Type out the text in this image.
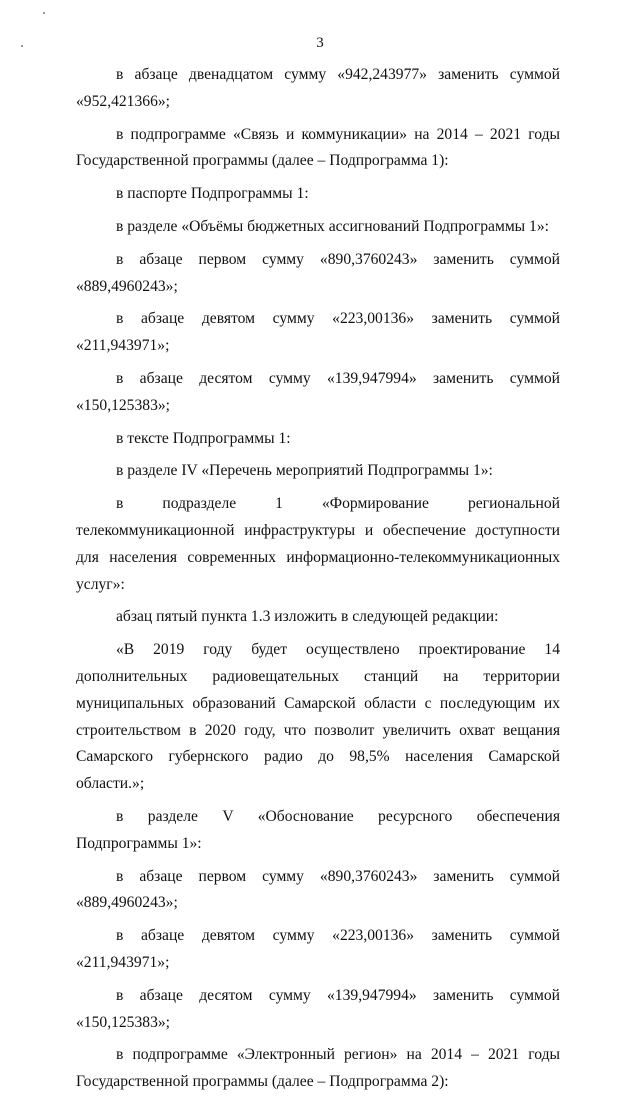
3

в абзаце двенадцатом сумму «942,243977» заменить суммой «952,421366»;

в подпрограмме «Связь и коммуникации» на 2014 – 2021 годы Государственной программы (далее – Подпрограмма 1):

в паспорте Подпрограммы 1:

в разделе «Объёмы бюджетных ассигнований Подпрограммы 1»:

в абзаце первом сумму «890,3760243» заменить суммой «889,4960243»;

в абзаце девятом сумму «223,00136» заменить суммой «211,943971»;

в абзаце десятом сумму «139,947994» заменить суммой «150,125383»;

в тексте Подпрограммы 1:

в разделе IV «Перечень мероприятий Подпрограммы 1»:

в подразделе 1 «Формирование региональной телекоммуникационной инфраструктуры и обеспечение доступности для населения современных информационно-телекоммуникационных услуг»:

абзац пятый пункта 1.3 изложить в следующей редакции:

«В 2019 году будет осуществлено проектирование 14 дополнительных радиовещательных станций на территории муниципальных образований Самарской области с последующим их строительством в 2020 году, что позволит увеличить охват вещания Самарского губернского радио до 98,5% населения Самарской области.»;

в разделе V «Обоснование ресурсного обеспечения Подпрограммы 1»:

в абзаце первом сумму «890,3760243» заменить суммой «889,4960243»;

в абзаце девятом сумму «223,00136» заменить суммой «211,943971»;

в абзаце десятом сумму «139,947994» заменить суммой «150,125383»;

в подпрограмме «Электронный регион» на 2014 – 2021 годы Государственной программы (далее – Подпрограмма 2):
